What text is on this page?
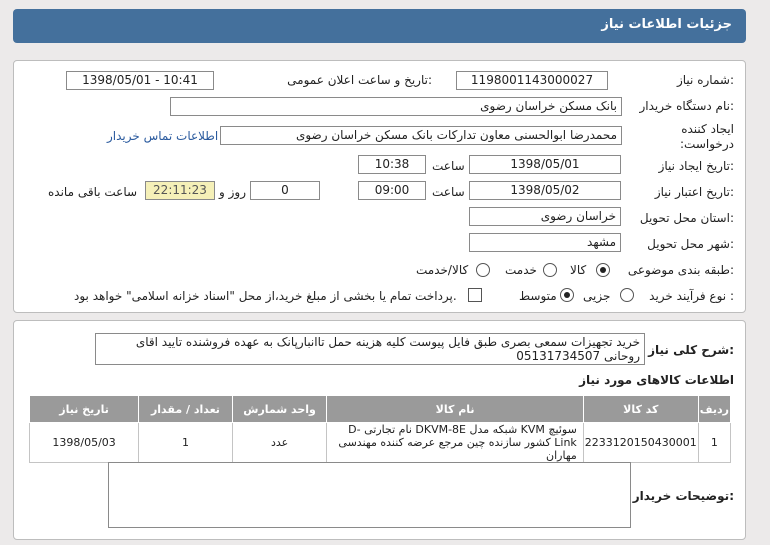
جزئیات اطلاعات نیاز
شماره نیاز:
1198001143000027
تاریخ و ساعت اعلان عمومی:
1398/05/01 - 10:41
نام دستگاه خریدار:
بانک مسکن خراسان رضوی
ایجاد کننده درخواست:
محمدرضا ابوالحسنی معاون تدارکات بانک مسکن خراسان رضوی
اطلاعات تماس خریدار
تاریخ ایجاد نیاز:
1398/05/01
ساعت
10:38
تاریخ اعتبار نیاز:
1398/05/02
ساعت
09:00
0
روز و
22:11:23
ساعت باقی مانده
استان محل تحویل:
خراسان رضوی
شهر محل تحویل:
مشهد
طبقه بندی موضوعی:
کالا
خدمت
کالا/خدمت
نوع فرآیند خرید :
جزیی
متوسط
پرداخت تمام یا بخشی از مبلغ خرید،از محل "اسناد خزانه اسلامی" خواهد بود.
شرح کلی نیاز:
خرید تجهیزات سمعی بصری طبق فایل پیوست کلیه هزینه حمل تاانبارپانک به عهده فروشنده تایید اقای روحانی 05131734507
اطلاعات کالاهای مورد نیاز
ردیف	کد کالا	نام کالا	واحد شمارش	تعداد / مقدار	تاریخ نیاز
1	2233120150430001	سوئیچ KVM شبکه مدل DKVM-8E نام تجارتی D-Link کشور سازنده چین مرجع عرضه کننده مهندسی مهاران	عدد	1	1398/05/03
توضیحات خریدار:
